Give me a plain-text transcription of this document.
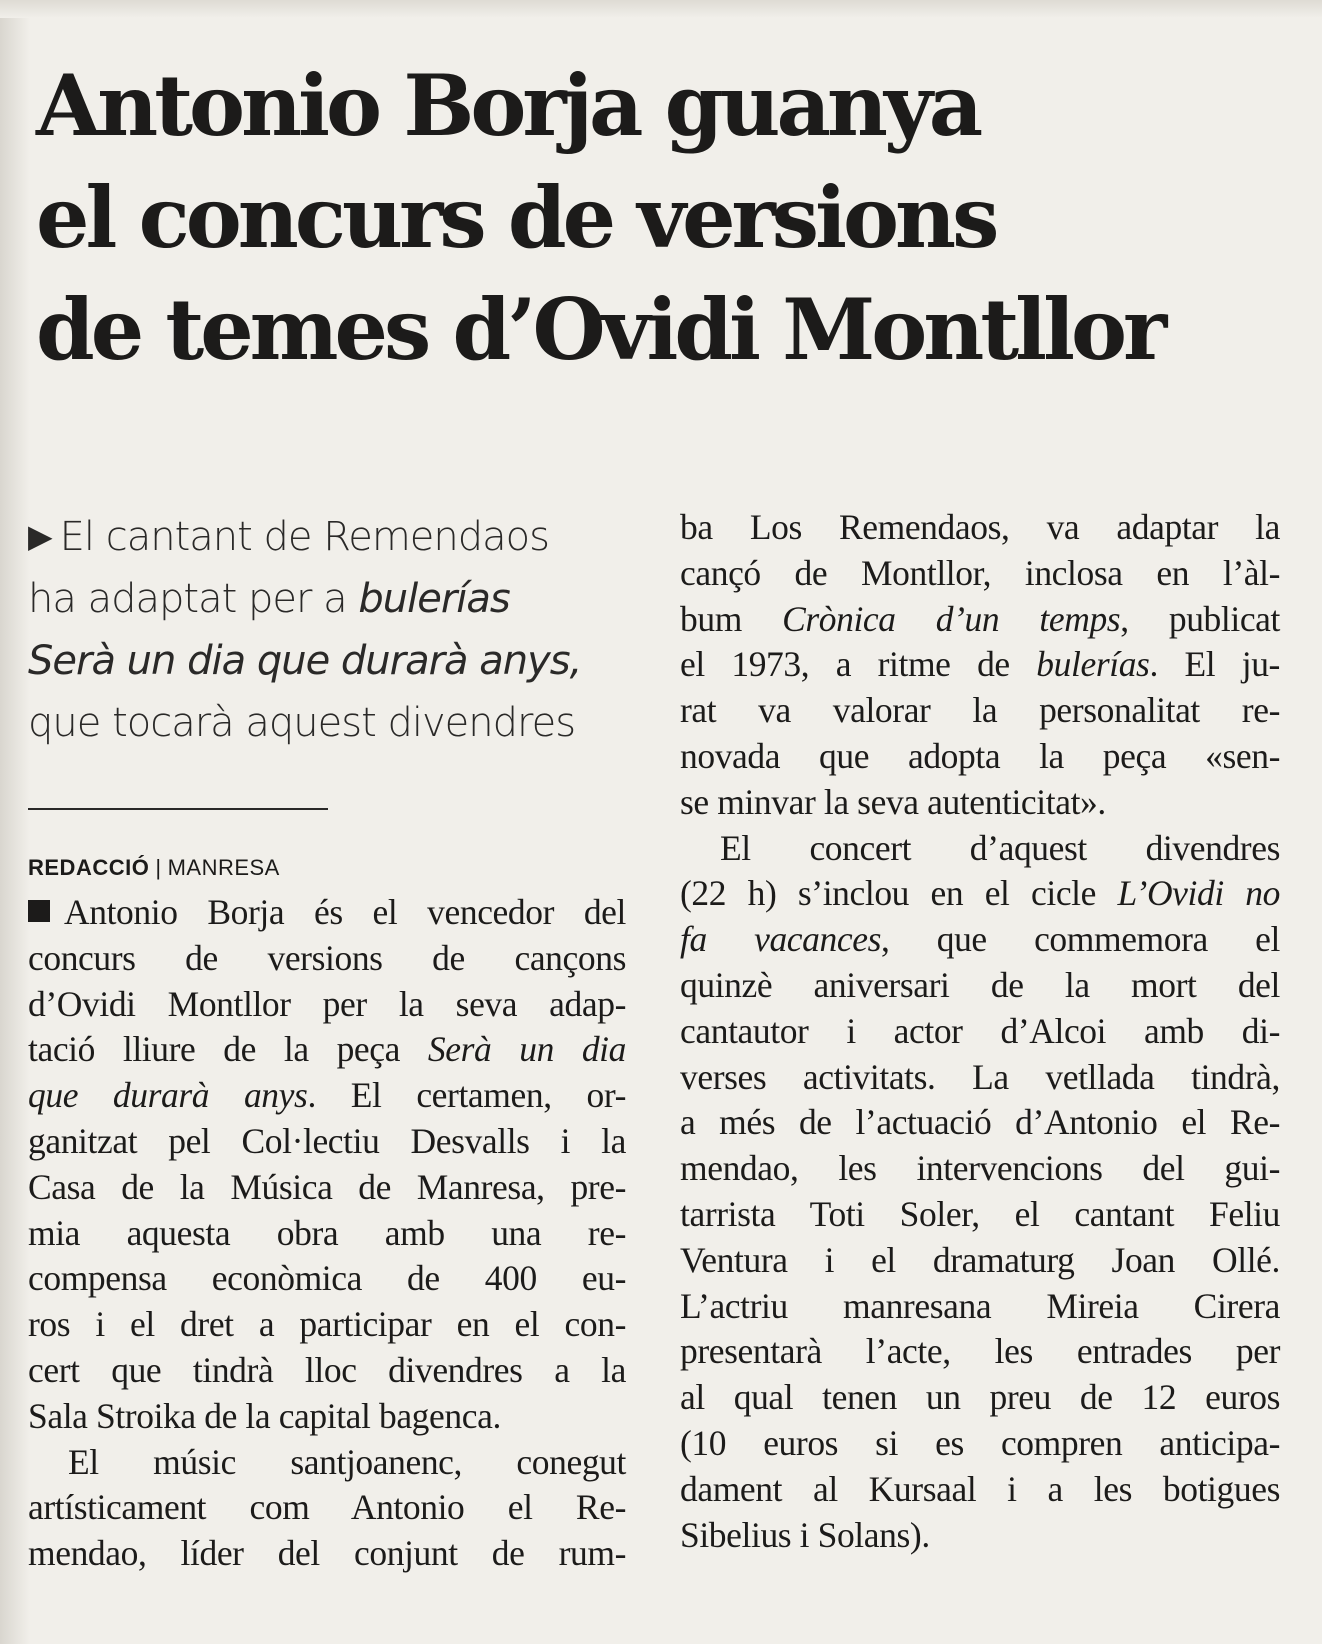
Antonio Borja guanya
el concurs de versions
de temes d’Ovidi Montllor
▶ El cantant de Remendaos
ha adaptat per a bulerías
Serà un dia que durarà anys,
que tocarà aquest divendres
REDACCIÓ | MANRESA
Antonio Borja és el vencedor del
concurs de versions de cançons
d’Ovidi Montllor per la seva adap-
tació lliure de la peça Serà un dia
que durarà anys. El certamen, or-
ganitzat pel Col·lectiu Desvalls i la
Casa de la Música de Manresa, pre-
mia aquesta obra amb una re-
compensa econòmica de 400 eu-
ros i el dret a participar en el con-
cert que tindrà lloc divendres a la
Sala Stroika de la capital bagenca.
El músic santjoanenc, conegut
artísticament com Antonio el Re-
mendao, líder del conjunt de rum-
ba Los Remendaos, va adaptar la
cançó de Montllor, inclosa en l’àl-
bum Crònica d’un temps, publicat
el 1973, a ritme de bulerías. El ju-
rat va valorar la personalitat re-
novada que adopta la peça «sen-
se minvar la seva autenticitat».
El concert d’aquest divendres
(22 h) s’inclou en el cicle L’Ovidi no
fa vacances, que commemora el
quinzè aniversari de la mort del
cantautor i actor d’Alcoi amb di-
verses activitats. La vetllada tindrà,
a més de l’actuació d’Antonio el Re-
mendao, les intervencions del gui-
tarrista Toti Soler, el cantant Feliu
Ventura i el dramaturg Joan Ollé.
L’actriu manresana Mireia Cirera
presentarà l’acte, les entrades per
al qual tenen un preu de 12 euros
(10 euros si es compren anticipa-
dament al Kursaal i a les botigues
Sibelius i Solans).
